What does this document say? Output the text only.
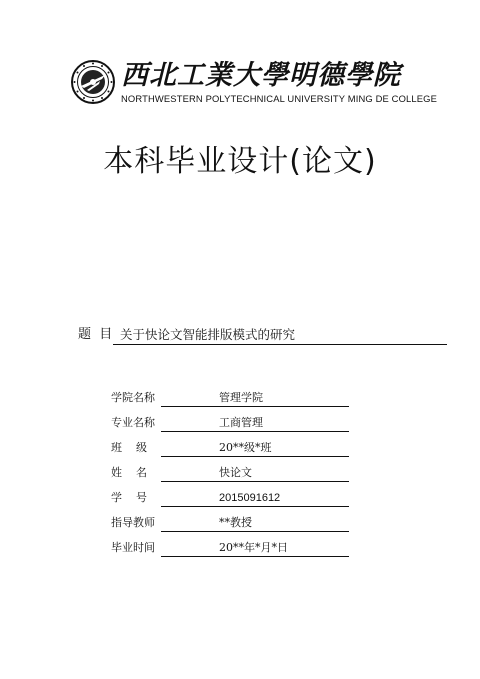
西北工業大學明德學院
NORTHWESTERN POLYTECHNICAL UNIVERSITY MING DE COLLEGE
本科毕业设计(论文)
题  目 关于快论文智能排版模式的研究
学院名称	管理学院
专业名称	工商管理
班    级	20**级*班
姓    名	快论文
学    号	2015091612
指导教师	**教授
毕业时间	20**年*月*日
